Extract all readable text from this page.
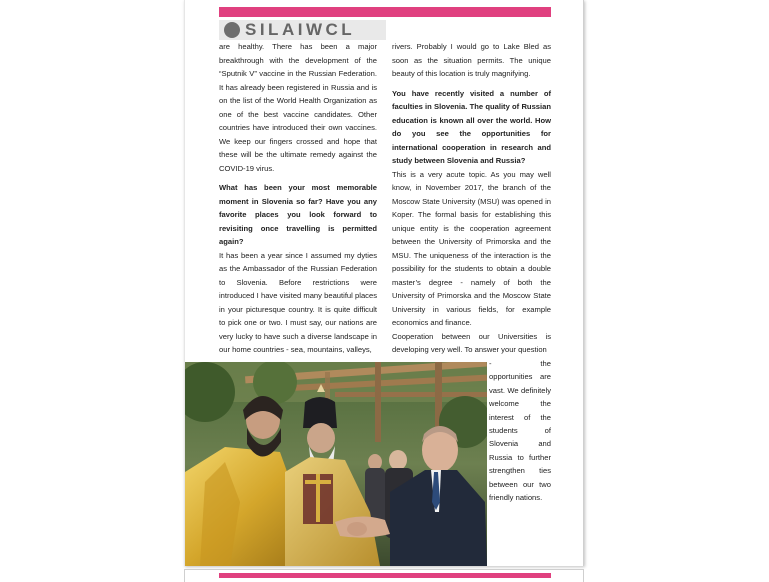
SILAIWCL

are healthy. There has been a major breakthrough with the development of the “Sputnik V” vaccine in the Russian Federation. It has already been registered in Russia and is on the list of the World Health Organization as one of the best vaccine candidates. Other countries have introduced their own vaccines. We keep our fingers crossed and hope that these will be the ultimate remedy against the COVID-19 virus.

What has been your most memorable moment in Slovenia so far? Have you any favorite places you look forward to revisiting once travelling is permitted again?

It has been a year since I assumed my dyties as the Ambassador of the Russian Federation to Slovenia. Before restrictions were introduced I have visited many beautiful places in your picturesque country. It is quite difficult to pick one or two. I must say, our nations are very lucky to have such a diverse landscape in our home countries - sea, mountains, valleys,

rivers. Probably I would go to Lake Bled as soon as the situation permits. The unique beauty of this location is truly magnifying.

You have recently visited a number of faculties in Slovenia. The quality of Russian education is known all over the world. How do you see the opportunities for international cooperation in research and study between Slovenia and Russia?

This is a very acute topic. As you may well know, in November 2017, the branch of the Moscow State University (MSU) was opened in Koper. The formal basis for establishing this unique entity is the cooperation agreement between the University of Primorska and the MSU. The uniqueness of the interaction is the possibility for the students to obtain a double master’s degree - namely of both the University of Primorska and the Moscow State University in various fields, for example economics and finance.

Cooperation between our Universities is developing very well. To answer your question

- the

opportunities are

vast. We definitely

welcome the

interest of the

students of

Slovenia and

Russia to further

strengthen ties

between our two

friendly nations.
